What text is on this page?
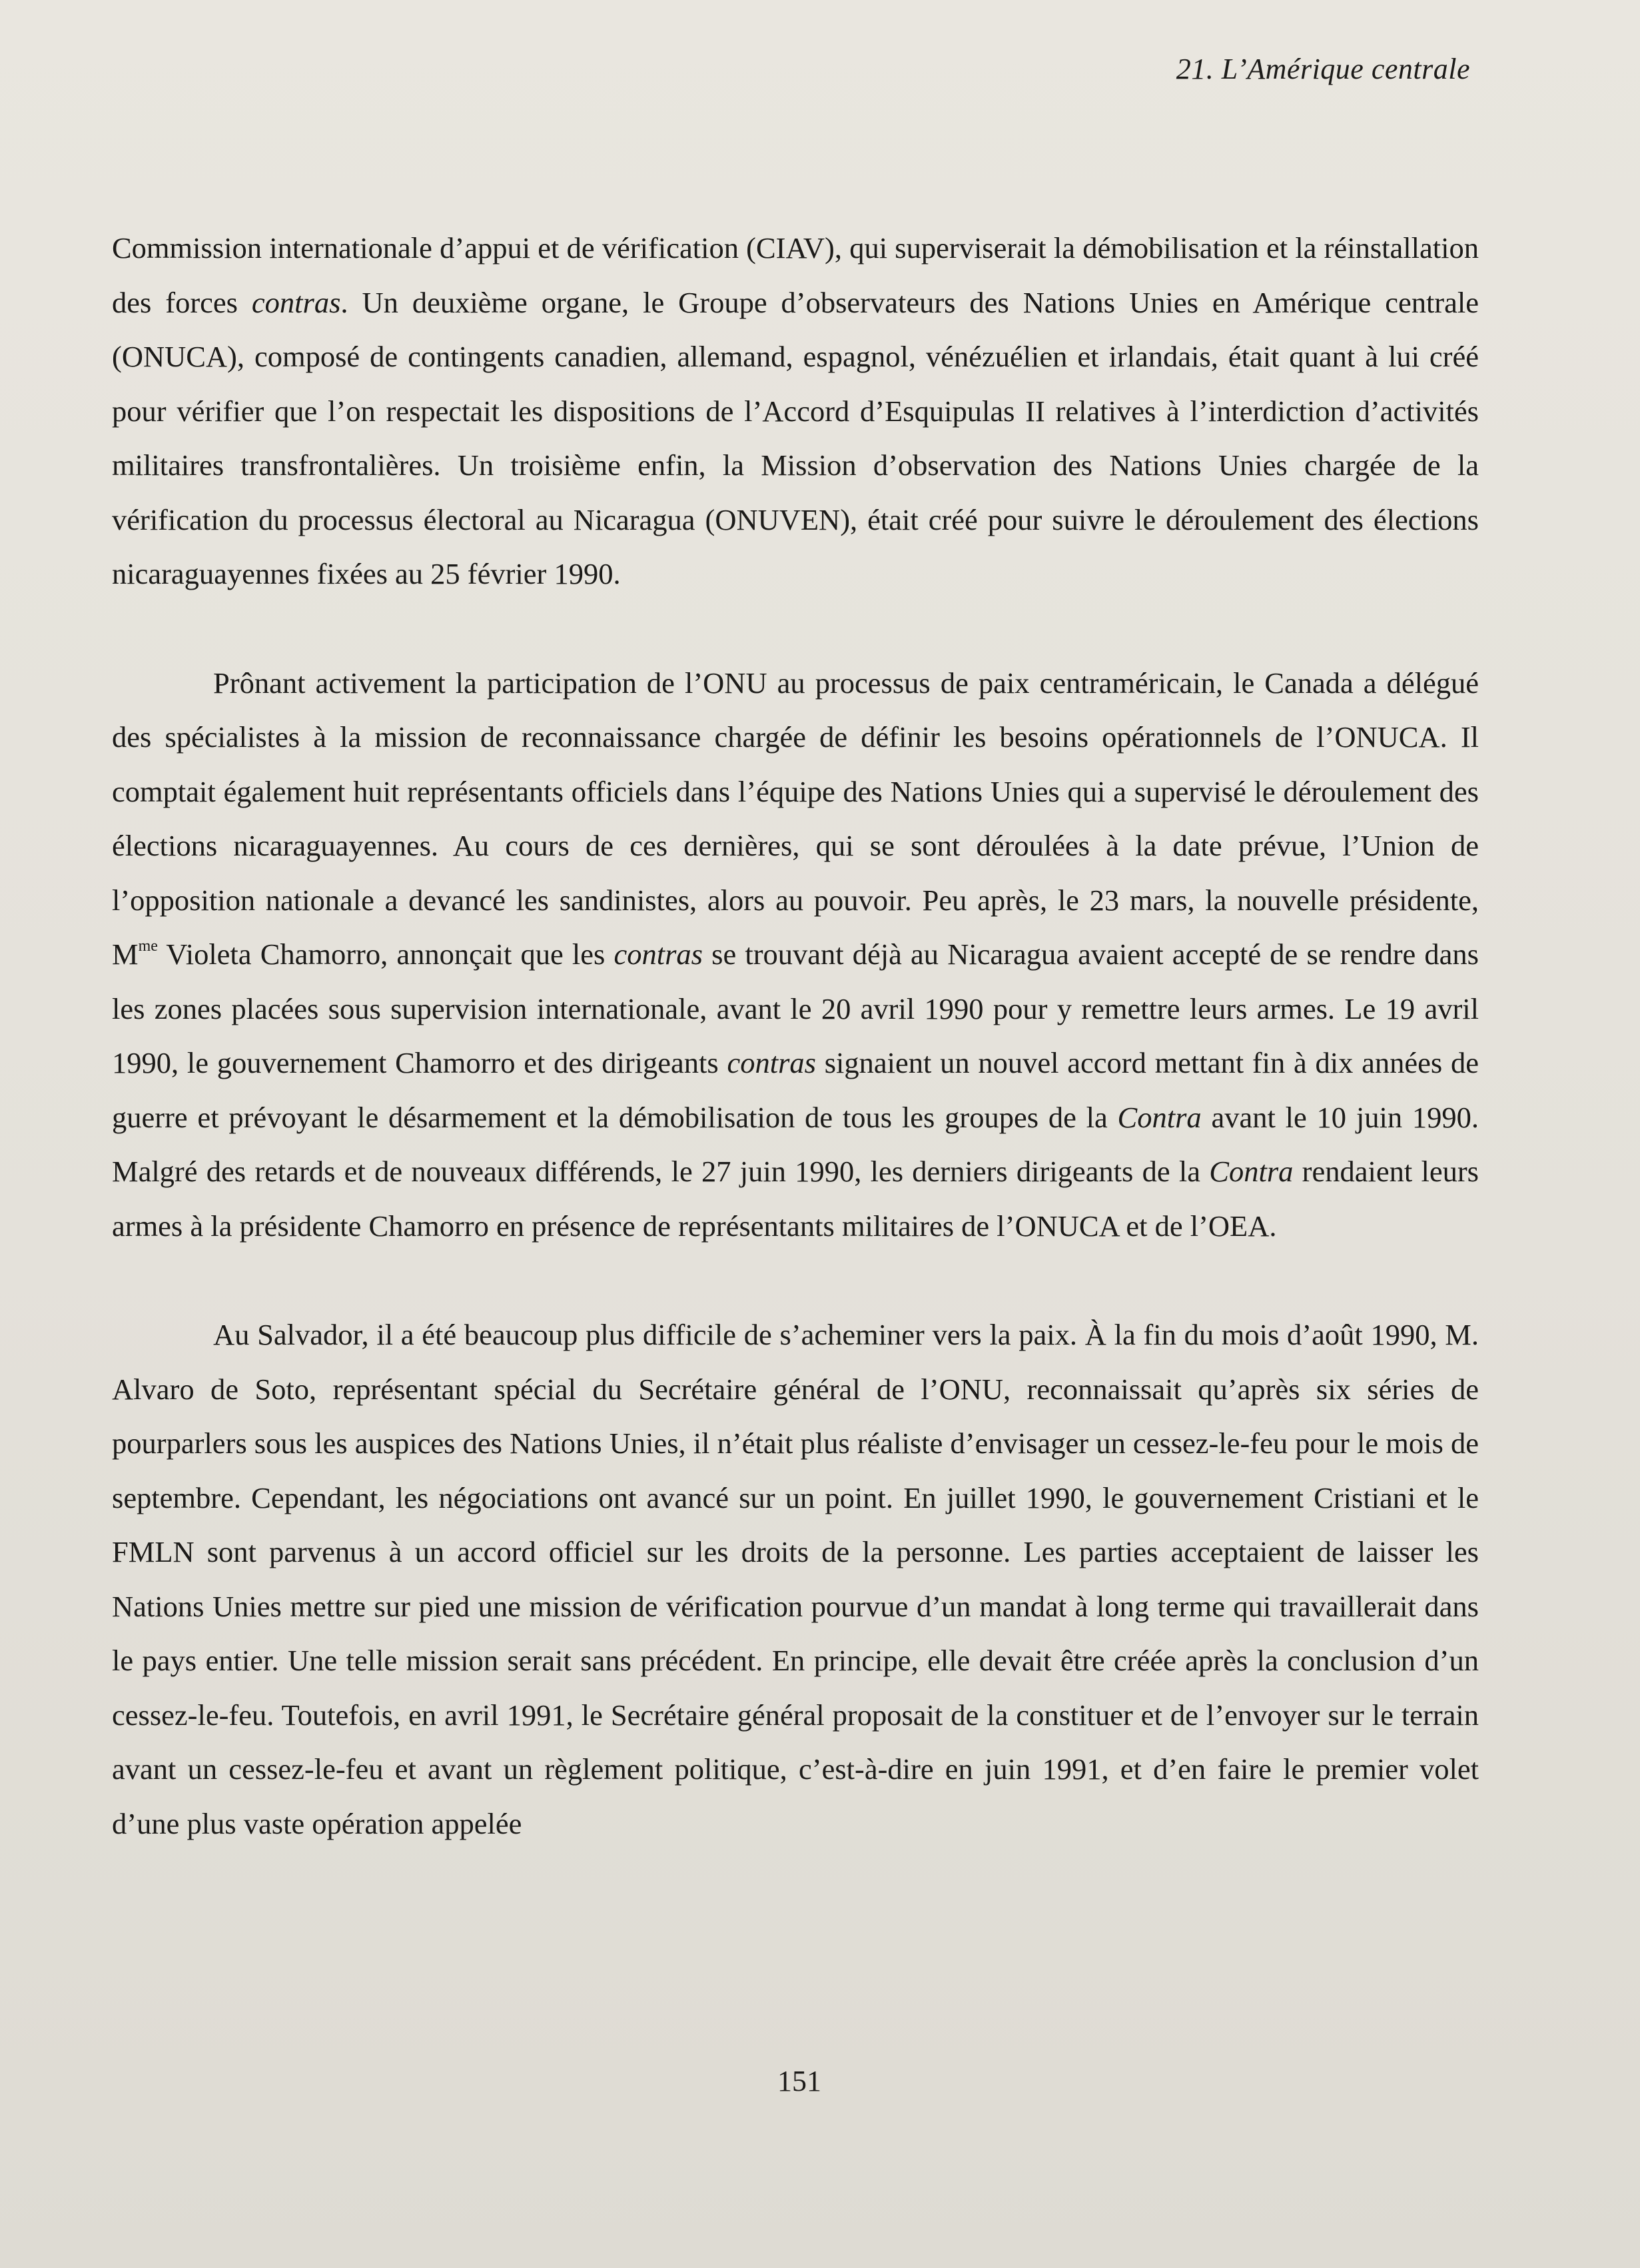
21. L’Amérique centrale

Commission internationale d’appui et de vérification (CIAV), qui superviserait la démobilisation et la réinstallation des forces contras. Un deuxième organe, le Groupe d’observateurs des Nations Unies en Amérique centrale (ONUCA), composé de contingents canadien, allemand, espagnol, vénézuélien et irlandais, était quant à lui créé pour vérifier que l’on respectait les dispositions de l’Accord d’Esquipulas II relatives à l’interdiction d’activités militaires transfrontalières. Un troisième enfin, la Mission d’observation des Nations Unies chargée de la vérification du processus électoral au Nicaragua (ONUVEN), était créé pour suivre le déroulement des élections nicaraguayennes fixées au 25 février 1990.

Prônant activement la participation de l’ONU au processus de paix centraméricain, le Canada a délégué des spécialistes à la mission de reconnaissance chargée de définir les besoins opérationnels de l’ONUCA. Il comptait également huit représentants officiels dans l’équipe des Nations Unies qui a supervisé le déroulement des élections nicaraguayennes. Au cours de ces dernières, qui se sont déroulées à la date prévue, l’Union de l’opposition nationale a devancé les sandinistes, alors au pouvoir. Peu après, le 23 mars, la nouvelle présidente, $M^{me}$ Violeta Chamorro, annonçait que les contras se trouvant déjà au Nicaragua avaient accepté de se rendre dans les zones placées sous supervision internationale, avant le 20 avril 1990 pour y remettre leurs armes. Le 19 avril 1990, le gouvernement Chamorro et des dirigeants contras signaient un nouvel accord mettant fin à dix années de guerre et prévoyant le désarmement et la démobilisation de tous les groupes de la Contra avant le 10 juin 1990. Malgré des retards et de nouveaux différends, le 27 juin 1990, les derniers dirigeants de la Contra rendaient leurs armes à la présidente Chamorro en présence de représentants militaires de l’ONUCA et de l’OEA.

Au Salvador, il a été beaucoup plus difficile de s’acheminer vers la paix. À la fin du mois d’août 1990, M. Alvaro de Soto, représentant spécial du Secrétaire général de l’ONU, reconnaissait qu’après six séries de pourparlers sous les auspices des Nations Unies, il n’était plus réaliste d’envisager un cessez-le-feu pour le mois de septembre. Cependant, les négociations ont avancé sur un point. En juillet 1990, le gouvernement Cristiani et le FMLN sont parvenus à un accord officiel sur les droits de la personne. Les parties acceptaient de laisser les Nations Unies mettre sur pied une mission de vérification pourvue d’un mandat à long terme qui travaillerait dans le pays entier. Une telle mission serait sans précédent. En principe, elle devait être créée après la conclusion d’un cessez-le-feu. Toutefois, en avril 1991, le Secrétaire général proposait de la constituer et de l’envoyer sur le terrain avant un cessez-le-feu et avant un règlement politique, c’est-à-dire en juin 1991, et d’en faire le premier volet d’une plus vaste opération appelée

151
